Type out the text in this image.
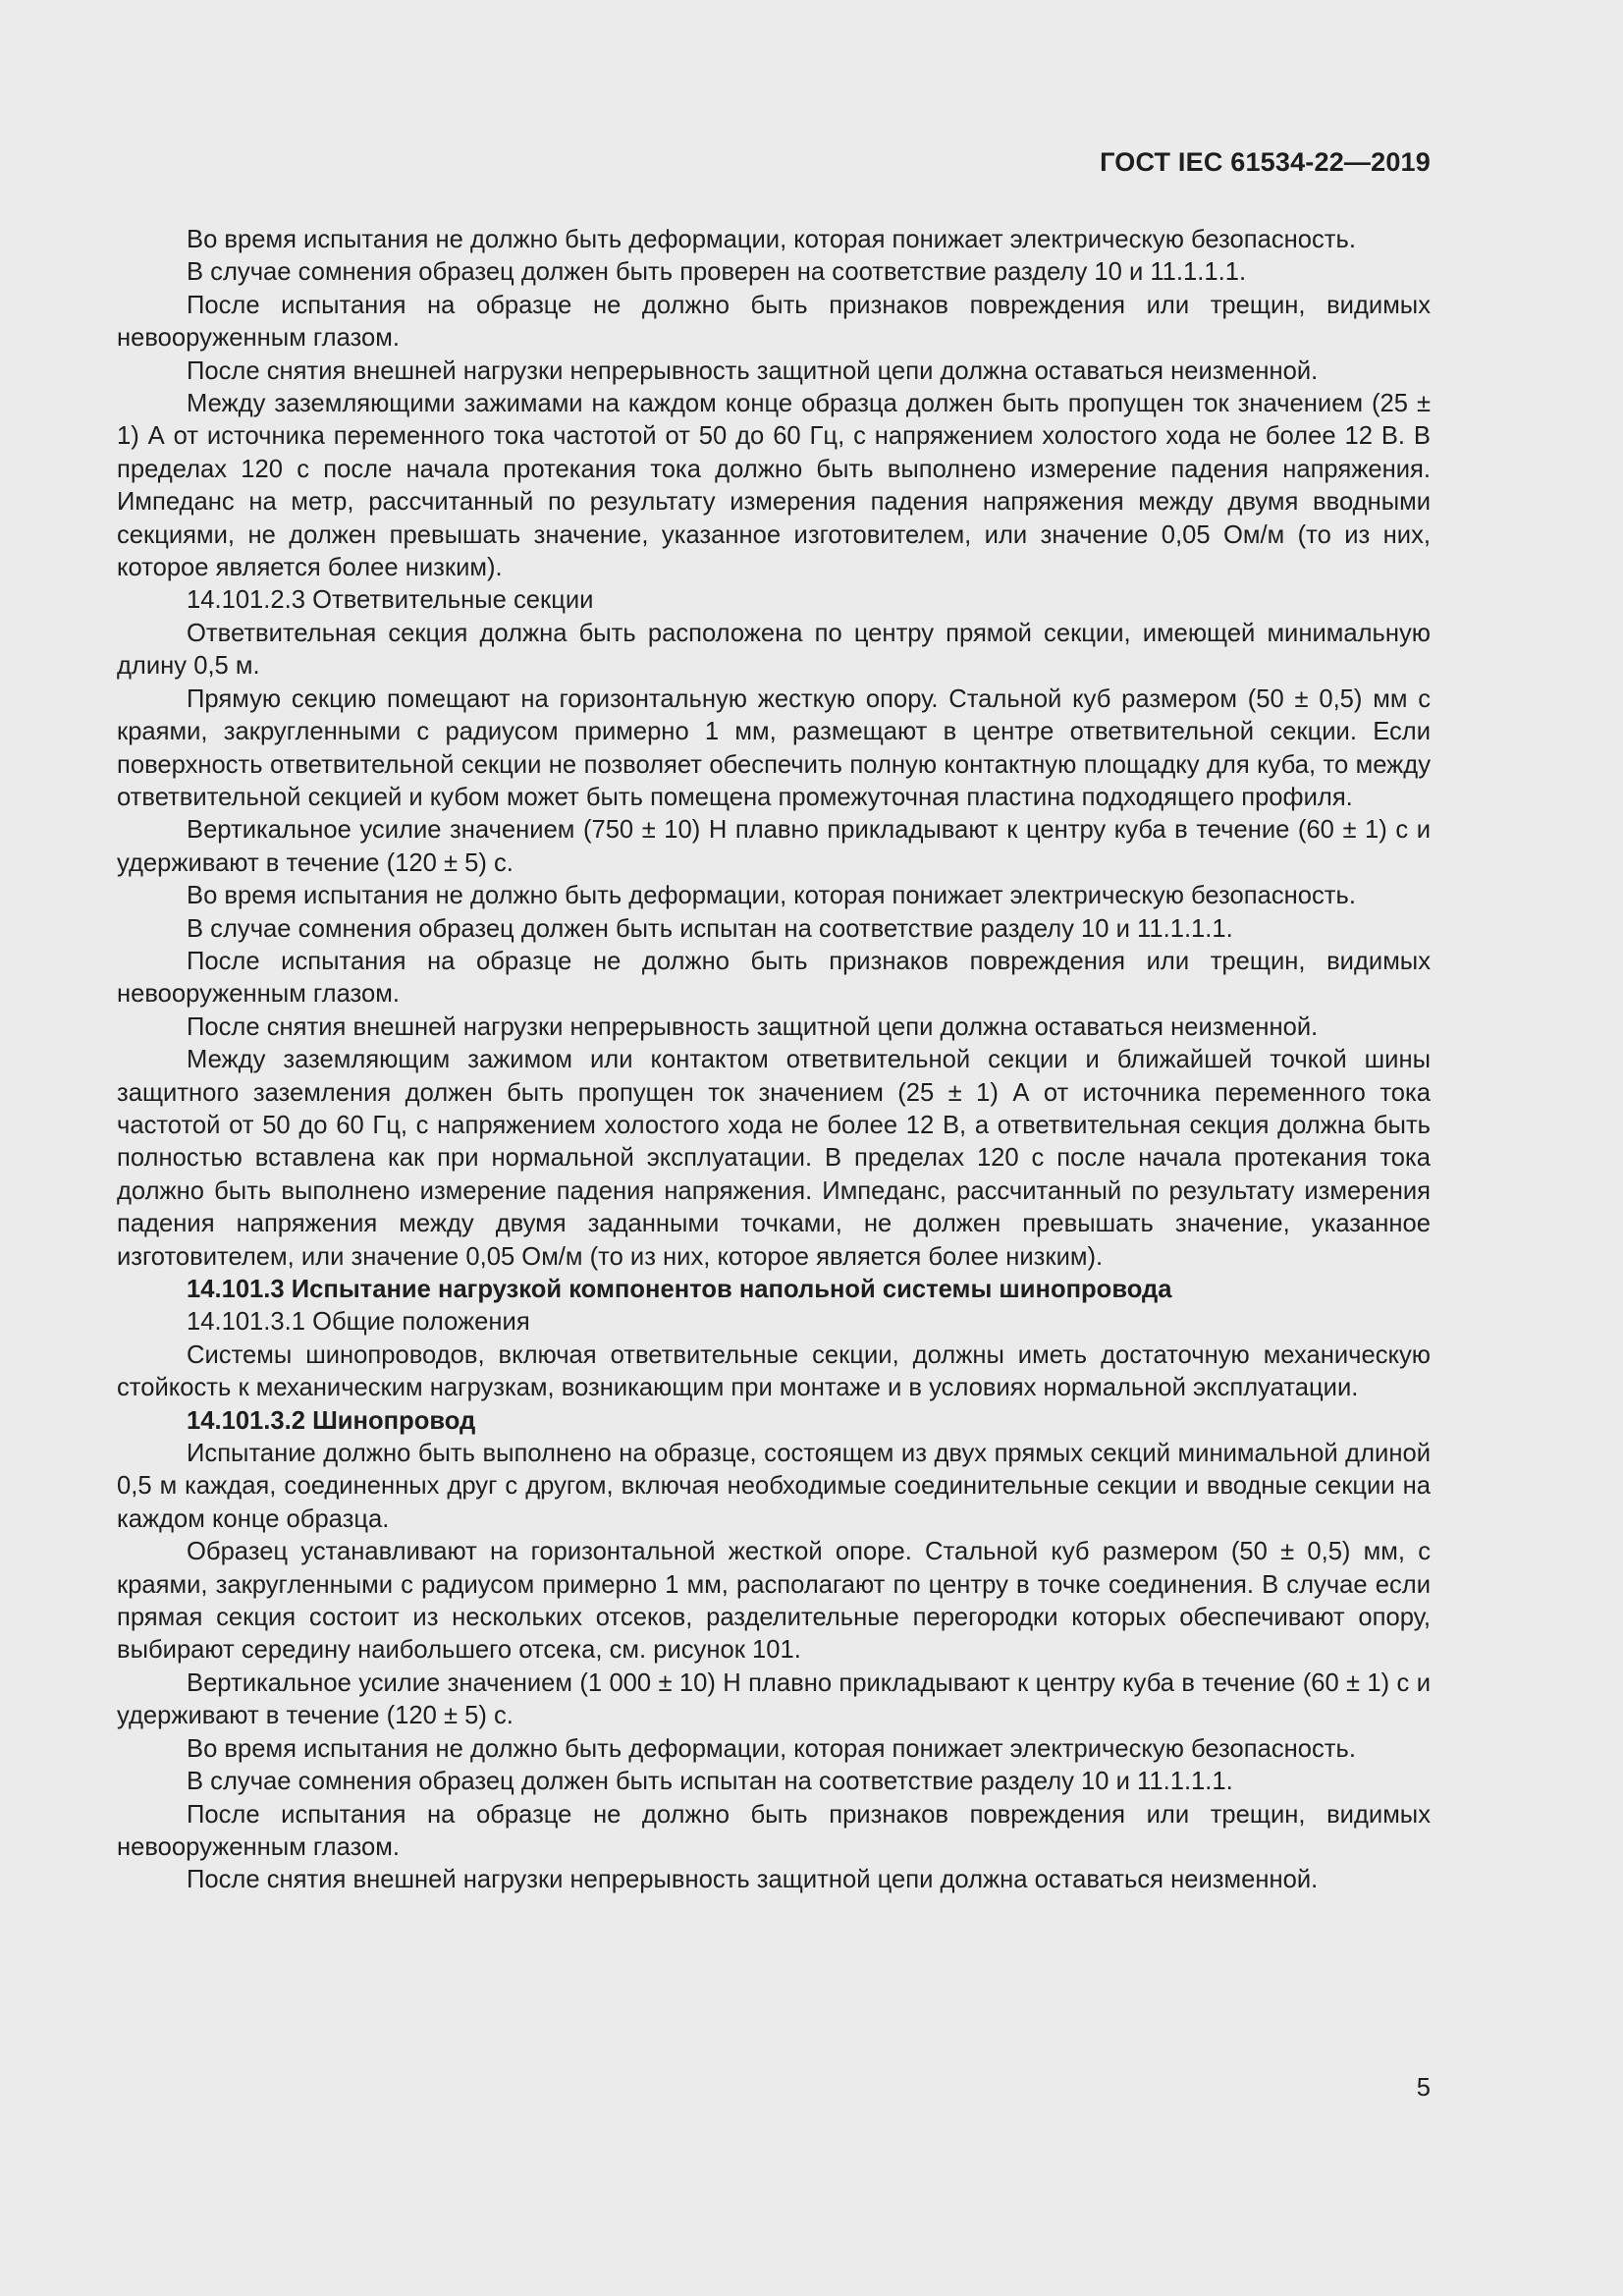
ГОСТ IEC 61534-22—2019

Во время испытания не должно быть деформации, которая понижает электрическую безопасность.

В случае сомнения образец должен быть проверен на соответствие разделу 10 и 11.1.1.1.

После испытания на образце не должно быть признаков повреждения или трещин, видимых невооруженным глазом.

После снятия внешней нагрузки непрерывность защитной цепи должна оставаться неизменной.

Между заземляющими зажимами на каждом конце образца должен быть пропущен ток значением (25 ± 1) А от источника переменного тока частотой от 50 до 60 Гц, с напряжением холостого хода не более 12 В. В пределах 120 с после начала протекания тока должно быть выполнено измерение падения напряжения. Импеданс на метр, рассчитанный по результату измерения падения напряжения между двумя вводными секциями, не должен превышать значение, указанное изготовителем, или значение 0,05 Ом/м (то из них, которое является более низким).

14.101.2.3 Ответвительные секции

Ответвительная секция должна быть расположена по центру прямой секции, имеющей минимальную длину 0,5 м.

Прямую секцию помещают на горизонтальную жесткую опору. Стальной куб размером (50 ± 0,5) мм с краями, закругленными с радиусом примерно 1 мм, размещают в центре ответвительной секции. Если поверхность ответвительной секции не позволяет обеспечить полную контактную площадку для куба, то между ответвительной секцией и кубом может быть помещена промежуточная пластина подходящего профиля.

Вертикальное усилие значением (750 ± 10) Н плавно прикладывают к центру куба в течение (60 ± 1) с и удерживают в течение (120 ± 5) с.

Во время испытания не должно быть деформации, которая понижает электрическую безопасность.

В случае сомнения образец должен быть испытан на соответствие разделу 10 и 11.1.1.1.

После испытания на образце не должно быть признаков повреждения или трещин, видимых невооруженным глазом.

После снятия внешней нагрузки непрерывность защитной цепи должна оставаться неизменной.

Между заземляющим зажимом или контактом ответвительной секции и ближайшей точкой шины защитного заземления должен быть пропущен ток значением (25 ± 1) А от источника переменного тока частотой от 50 до 60 Гц, с напряжением холостого хода не более 12 В, а ответвительная секция должна быть полностью вставлена как при нормальной эксплуатации. В пределах 120 с после начала протекания тока должно быть выполнено измерение падения напряжения. Импеданс, рассчитанный по результату измерения падения напряжения между двумя заданными точками, не должен превышать значение, указанное изготовителем, или значение 0,05 Ом/м (то из них, которое является более низким).

14.101.3 Испытание нагрузкой компонентов напольной системы шинопровода

14.101.3.1 Общие положения

Системы шинопроводов, включая ответвительные секции, должны иметь достаточную механическую стойкость к механическим нагрузкам, возникающим при монтаже и в условиях нормальной эксплуатации.

14.101.3.2 Шинопровод

Испытание должно быть выполнено на образце, состоящем из двух прямых секций минимальной длиной 0,5 м каждая, соединенных друг с другом, включая необходимые соединительные секции и вводные секции на каждом конце образца.

Образец устанавливают на горизонтальной жесткой опоре. Стальной куб размером (50 ± 0,5) мм, с краями, закругленными с радиусом примерно 1 мм, располагают по центру в точке соединения. В случае если прямая секция состоит из нескольких отсеков, разделительные перегородки которых обеспечивают опору, выбирают середину наибольшего отсека, см. рисунок 101.

Вертикальное усилие значением (1 000 ± 10) Н плавно прикладывают к центру куба в течение (60 ± 1) с и удерживают в течение (120 ± 5) с.

Во время испытания не должно быть деформации, которая понижает электрическую безопасность.

В случае сомнения образец должен быть испытан на соответствие разделу 10 и 11.1.1.1.

После испытания на образце не должно быть признаков повреждения или трещин, видимых невооруженным глазом.

После снятия внешней нагрузки непрерывность защитной цепи должна оставаться неизменной.

5
